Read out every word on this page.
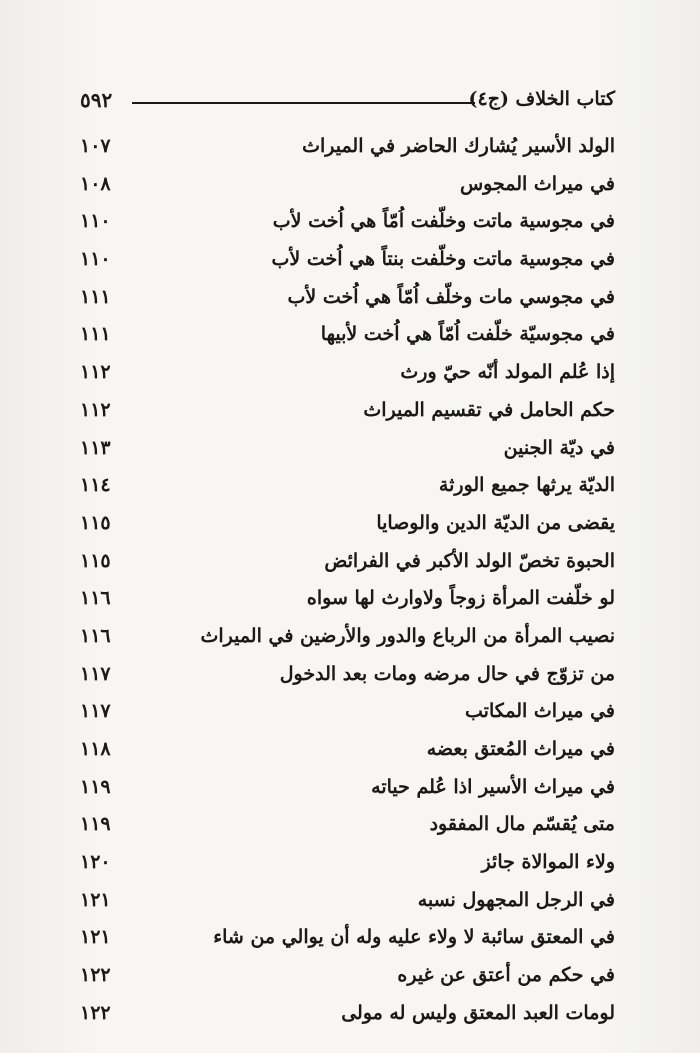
٥٩٢	كتاب الخلاف (ج٤)
الولد الأسير يُشارك الحاضر في الميراث
١٠٧
في ميراث المجوس
١٠٨
في مجوسية ماتت وخلّفت اُمّاً هي اُخت لأب
١١٠
في مجوسية ماتت وخلّفت بنتاً هي اُخت لأب
١١٠
في مجوسي مات وخلّف اُمّاً هي اُخت لأب
١١١
في مجوسيّة خلّفت اُمّاً هي اُخت لأبيها
١١١
إذا عُلم المولد أنّه حيّ ورث
١١٢
حكم الحامل في تقسيم الميراث
١١٢
في ديّة الجنين
١١٣
الديّة يرثها جميع الورثة
١١٤
يقضى من الديّة الدين والوصايا
١١٥
الحبوة تخصّ الولد الأكبر في الفرائض
١١٥
لو خلّفت المرأة زوجاً ولاوارث لها سواه
١١٦
نصيب المرأة من الرباع والدور والأرضين في الميراث
١١٦
من تزوّج في حال مرضه ومات بعد الدخول
١١٧
في ميراث المكاتب
١١٧
في ميراث المُعتق بعضه
١١٨
في ميراث الأسير اذا عُلم حياته
١١٩
متى يُقسّم مال المفقود
١١٩
ولاء الموالاة جائز
١٢٠
في الرجل المجهول نسبه
١٢١
في المعتق سائبة لا ولاء عليه وله أن يوالي من شاء
١٢١
في حكم من أعتق عن غيره
١٢٢
لومات العبد المعتق وليس له مولى
١٢٢
